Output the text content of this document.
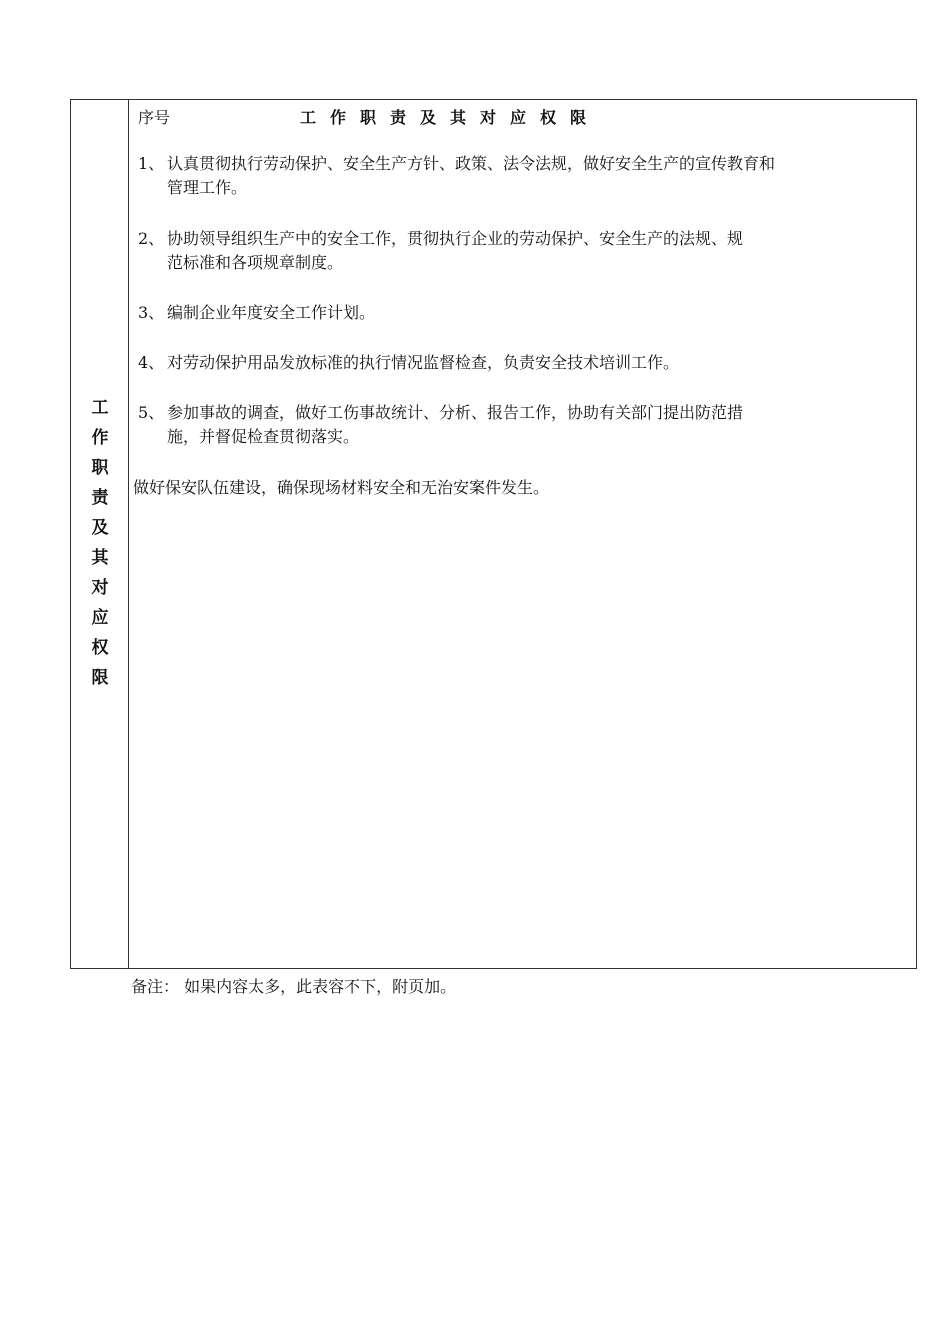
工
作
职
责
及
其
对
应
权
限
序号	工作职责及其对应权限
1、 认真贯彻执行劳动保护、安全生产方针、政策、法令法规，做好安全生产的宣传教育和
管理工作。
2、 协助领导组织生产中的安全工作，贯彻执行企业的劳动保护、安全生产的法规、规
范标准和各项规章制度。
3、 编制企业年度安全工作计划。
4、 对劳动保护用品发放标准的执行情况监督检查，负责安全技术培训工作。
5、 参加事故的调查，做好工伤事故统计、分析、报告工作，协助有关部门提出防范措
施，并督促检查贯彻落实。
做好保安队伍建设，确保现场材料安全和无治安案件发生。
备注： 如果内容太多，此表容不下，附页加。
